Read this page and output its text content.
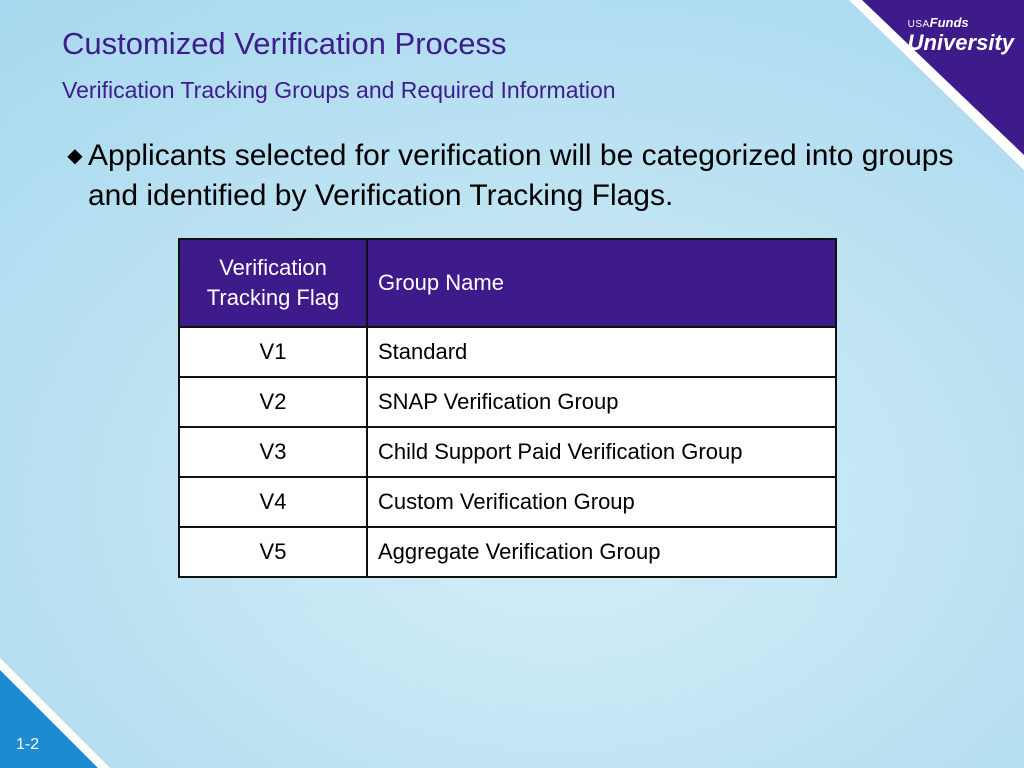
USAFunds
University
Customized Verification Process
Verification Tracking Groups and Required Information
◆ Applicants selected for verification will be categorized into groups and identified by Verification Tracking Flags.
Verification Tracking Flag	Group Name
V1	Standard
V2	SNAP Verification Group
V3	Child Support Paid Verification Group
V4	Custom Verification Group
V5	Aggregate Verification Group
1-2
